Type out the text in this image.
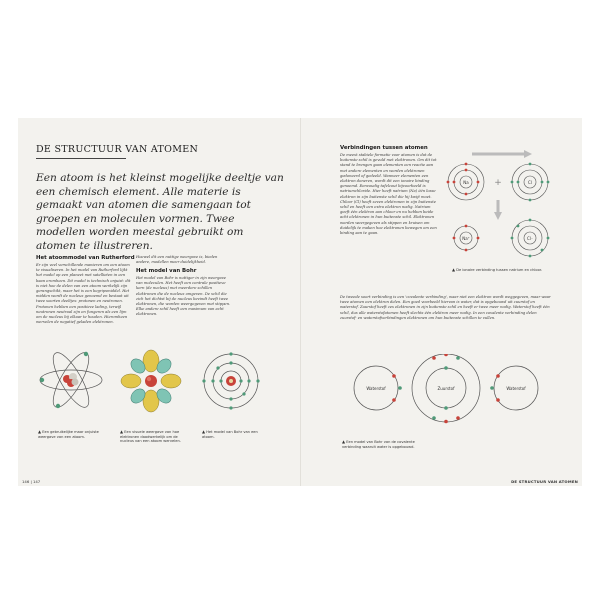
DE STRUCTUUR VAN ATOMEN
Een atoom is het kleinst mogelijke deeltje van een chemisch element. Alle materie is gemaakt van atomen die samengaan tot groepen en moleculen vormen. Twee modellen worden meestal gebruikt om atomen te illustreren.
Het atoommodel van Rutherford
Er zijn veel verschillende manieren om een atoom te visualiseren. In het model van Rutherford lijkt het model op een planeet met satellieten in een baan eromheen. Dit model is technisch onjuist: dit is niet hoe de delen van een atoom werkelijk zijn gerangschikt, maar het is een begripsmiddel. Het midden wordt de nucleus genoemd en bestaat uit twee soorten deeltjes: protonen en neutronen. Protonen hebben een positieve lading, terwijl neutronen neutraal zijn en fungeren als een lijm om de nucleus bij elkaar te houden. Hieromheen wervelen de negatief geladen elektronen.
Hoewel dit een nuttige weergave is, bieden andere, modellen meer duidelijkheid.
Het model van Bohr
Het model van Bohr is nuttiger in zijn weergave van moleculen. Het heeft een centrale positieve kern (de nucleus) met meerdere schillen elektronen die de nucleus omgeven. De schil die zich het dichtst bij de nucleus bevindt heeft twee elektronen, die worden weergegeven met stippen. Elke andere schil heeft een maximum van acht elektronen.
▲ Een gebruikelijke maar onjuiste weergave van een atoom.
▲ Een visuele weergave van hoe elektronen daadwerkelijk om de nucleus van een atoom wervelen.
▲ Het model van Bohr van een atoom.
146 | 147
Verbindingen tussen atomen
De meest stabiele formatie voor atomen is dat de buitenste schil is gevuld met elektronen. Om dit tot stand te brengen gaan elementen een reactie aan met andere elementen en worden elektronen gedoneerd of gedeeld. Wanneer elementen een elektron doneren, wordt dit een ionaire binding genoemd. Eenvoudig tafelzout bijvoorbeeld is natriumchloride. Hier heeft natrium (Na) één losse elektron in zijn buitenste schil die hij kwijt moet. Chloor (Cl) heeft zeven elektronen in zijn buitenste schil en heeft een extra elektron nodig. Natrium geeft één elektron aan chloor en nu hebben beide acht elektronen in hun buitenste schil. Elektronen worden weergegeven als stippen en kruisen om duidelijk te maken hoe elektronen bewegen om een binding aan te gaan.
+
Na	Cl
Na⁺	Cl⁻
▲ De ionaire verbinding tussen natrium en chloor.
De tweede soort verbinding is een 'covalente verbinding', waar niet een elektron wordt weggegeven, maar waar twee atomen een elektron delen. Een goed voorbeeld hiervan is water, dat is opgebouwd uit zuurstof en waterstof. Zuurstof heeft zes elektronen in zijn buitenste schil en heeft er twee meer nodig. Waterstof heeft één schil, dus alle waterstofatomen heeft slechts één elektron meer nodig. In een covalente verbinding delen zuurstof- en waterstofverbindingen elektronen om hun buitenste schillen te vullen.
Waterstof	Zuurstof	Waterstof
▲ Een model van Bohr van de covalente verbinding waaruit water is opgebouwd.
DE STRUCTUUR VAN ATOMEN
